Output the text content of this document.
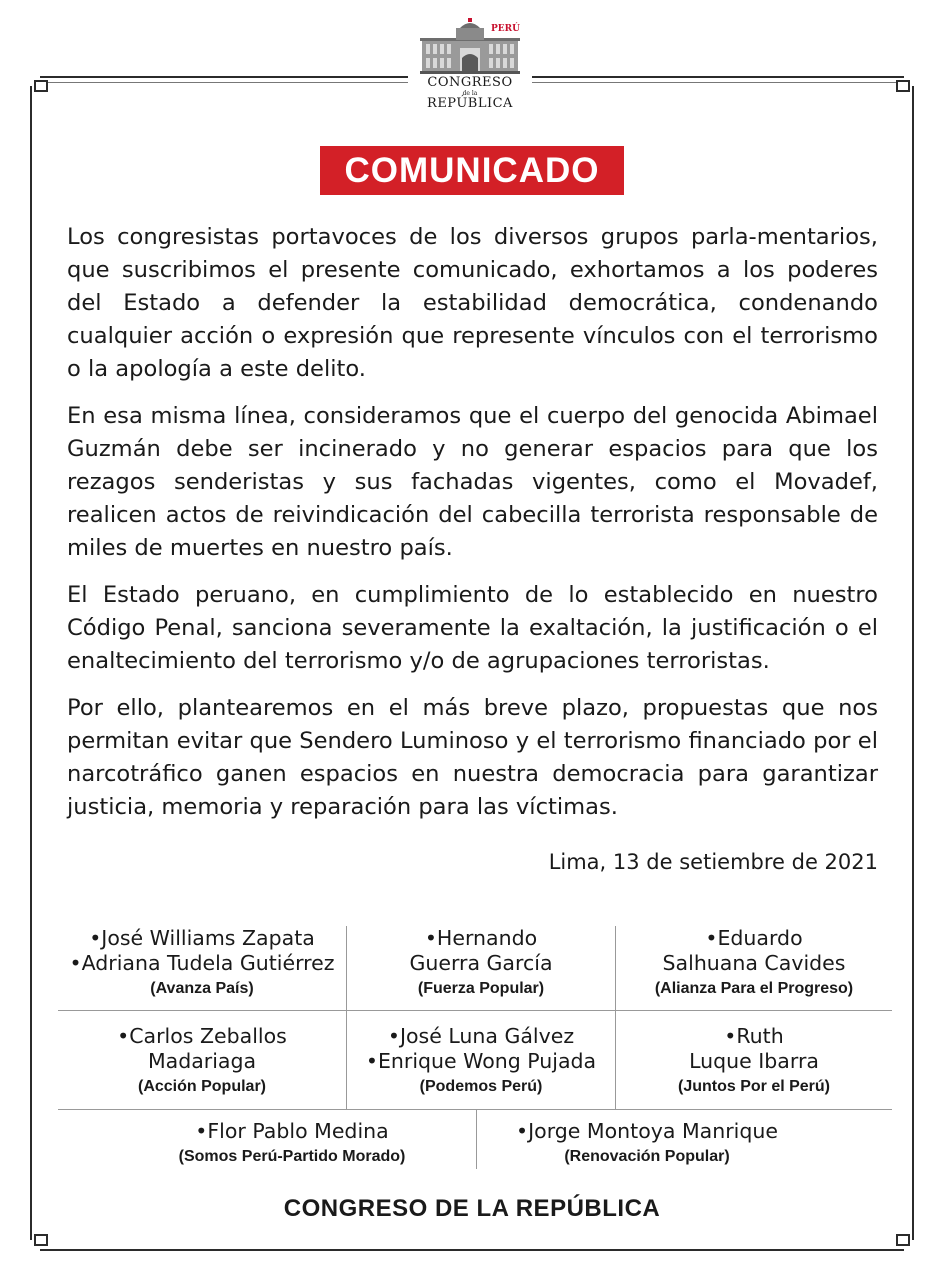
PERÚ
CONGRESO
de la
REPÚBLICA
COMUNICADO

Los congresistas portavoces de los diversos grupos parla-mentarios, que suscribimos el presente comunicado, exhortamos a los poderes del Estado a defender la estabilidad democrática, condenando cualquier acción o expresión que represente vínculos con el terrorismo o la apología a este delito.

En esa misma línea, consideramos que el cuerpo del genocida Abimael Guzmán debe ser incinerado y no generar espacios para que los rezagos senderistas y sus fachadas vigentes, como el Movadef, realicen actos de reivindicación del cabecilla terrorista responsable de miles de muertes en nuestro país.

El Estado peruano, en cumplimiento de lo establecido en nuestro Código Penal, sanciona severamente la exaltación, la justificación o el enaltecimiento del terrorismo y/o de agrupaciones terroristas.

Por ello, plantearemos en el más breve plazo, propuestas que nos permitan evitar que Sendero Luminoso y el terrorismo financiado por el narcotráfico ganen espacios en nuestra democracia para garantizar justicia, memoria y reparación para las víctimas.

Lima, 13 de setiembre de 2021
•José Williams Zapata
•Adriana Tudela Gutiérrez
(Avanza País)
•Hernando
Guerra García
(Fuerza Popular)
•Eduardo
Salhuana Cavides
(Alianza Para el Progreso)
•Carlos Zeballos
Madariaga
(Acción Popular)
•José Luna Gálvez
•Enrique Wong Pujada
(Podemos Perú)
•Ruth
Luque Ibarra
(Juntos Por el Perú)
•Flor Pablo Medina
(Somos Perú-Partido Morado)
•Jorge Montoya Manrique
(Renovación Popular)
CONGRESO DE LA REPÚBLICA
